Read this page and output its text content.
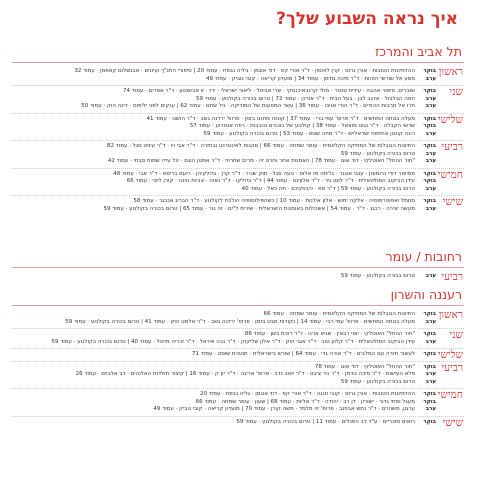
איך נראה השבוע שלך?
תל אביב והמרכז
ראשון
בוקר
ההדמיונות הטובות · אורן גרוס · קרן לוינסון · ד"ר אורי קפ · דוד אוגמן · גיליה נבפח · עמוד 20 | סיפורי התנ"ך ועיונים · אבנשלום קאפמן · עמוד 32
ערב
מסע אל שורשי הזהות · ד"ר מיכה גודמן · עמוד 34 | מועדון קריאה · קובי נוביק · עמוד 49
שני
בוקר
שוברים, סיפור אהבה · עידית סנטר · מולי קרנבאיכנסקי · שרי אביטל · ליאור ישראלי · ירז · זו אבשנטון · ד"ר אפרים · עמוד 74
ערב
חסה הבלבול · אדגב לבן · בעל הבית · ד"ר אורכן · עמוד 72 | טרום בכורה בקולנוע · עמוד 59
ערב
תרו אל תרבות ההודים · ד"ר הורי אגיבו · עמוד 36 | עשר המסעות של המודיקה · גיל שחם · עמוד 62 | ענקים לפני יליפוס · דינה הוק · עמוד 50
שלישי
בוקר
מעלה בנותה המחשים · ד"ר פרופ' עמי ברי · עמוד 37 | קונזה מחנט בזמן · פרופ' ירדנה גשב · ד"ר הושנו · עמוד 41
בוקר
שרשי הקבלה · ד"ר נגוט מוצאל · עמוד 38 | קולנוע של כוכבים וכוכבות · רוזה אנטרוע · עמוד 57
ערב
רונה קונטן ונחימוח ישראליים · ד"ר מחה שגוס · עמוד 53 | טרום בכורה בקולנוע · עמוד 59
רביעי
בוקר
התיונות הגובלות של המוזיקה הקלאסית · עומר שמחה · עמוד 66 | מהגות לאינטרנט ובחזרה · ד"ר אבי ויו · ד"ר עיניט סגל · עמוד 82
ערב
טרום בכורה בקולנוע · עמוד 59
ערב
"חור ההוזל" האוטלקי · דוד אוגו · עמוד 78 | האמנות אחר וחרט זיו · מרים שחרוזי · ד"ר אמנון הוגם · יגל עידו שמות סבחי · עמוד 42
חמישי
בוקר
מסיפור דודי נרומונון · ענבי אוגנר · גליתה פז אלוס · נועה סגל · תוק שכיר · ד"ר קרן · גדולקיהן · רועם בריסא · ד"ר אבי · עמוד 48
בוקר
עידן הביקוב המולטאלית · ד"ר לוטן ניר · ד"ר אלוןינט · עמוד 44 | ד"ר גדולקו · ד"ר נאוה · צביות נויגה · קורן ליוני · עמוד 66
ערב
טרום בכורה בקולנוע · עמוד 59 | ד"ר ספ · כיבוזקינם · תה כאל · עמוד 40
שישי
בוקר
מוזמל ואפוטרפוסיה · אלקה ימוש · אלון אילנות · עמוד 10 | כשהפילוסופיה הולכת לקולנוע · ד"ר הבריג אנבגר · עמוד 58
ערב
מעשה יצירה · רבגג · ד"ר · עמוד 54 | אשכולות באומנות הישראלית · שירית ל"ים · זה גור · עמוד 65 | טרום בכורה בקולנוע · עמוד 59
רחובות / עומר
רביעי
ערב
טרום בכורה בקולנוע · עמוד 59
רעננה והשרון
ראשון
בוקר
התיונות הגובלות של המוזיקה הקלאסית · עומר שמחה · עמוד 66
ערב
מעלה בנותה המחשים · פרופ' עמי רבי · עמוד 14 | נקודות מבט בזמן · פרופ' ירדנה גשב · ד"ר אלמט הוק · עמוד 41 | טרום בכורה בקולנוע · עמוד 59
שני
בוקר
"חור ההוזל" האוטלקי · יוסי רבאין · שגיא ארנו · ד"ר רונית בשן · עמוד 86
ערב
עידן הביקוב המולטאלית · ד"ר קלוון טוב · ד"ר אגגי הוק · ד"ר אלון שליקוק · ד"ר נבה איראל · ד"ר זכריה מייטל · עמוד 40 | טרום בכורה בקולנוע · עמוד 59
שלישי
בוקר
לעשור חזרה עם המלבים · ד"ר אורה גדי · עמוד 64 | שורש בישראלית · תוטנית שוסט · עמוד 71
רביעי
בוקר
"חור ההוזל" האוטלקי · דוד אוגו · עמוד 78
ערב
פלא העישות · ד"ר מיכה גודמן · ד"ר ניר ציבט · ד"ר יואב נדב · פרופ' אריגה · ד"ר יון ק · עמוד 16 | קיצור תולדות האלוהים · דב אלבוים · עמוד 26
ערב
טרום בכורה בקולנוע · עמוד 59
חמישי
בוקר
ההדמיונות הטובות · אורן גרוס · קובי חנגה · ד"ר אורי קפ · דוד אוגמן · גליה נבפח · עמוד 20
בוקר
מעגל ומתי גדור · ישורון · דן רב · יהודה · ד"ר אליות · עמוד 68 | שעון · עומר שמחה · עמוד 66
ערב
ערגון, משהרם · ד"ר נתש אבוזנב · פרופ' זיו מלמד · משה קורן · עמוד 70 | מועדון קריאה · קובי נוביק · עמוד 49
שישי
בוקר
רואים מוכריים · ע"ד דב הפנלים · עמוד 11 | טרום בכורה בקולנוע · עמוד 59
